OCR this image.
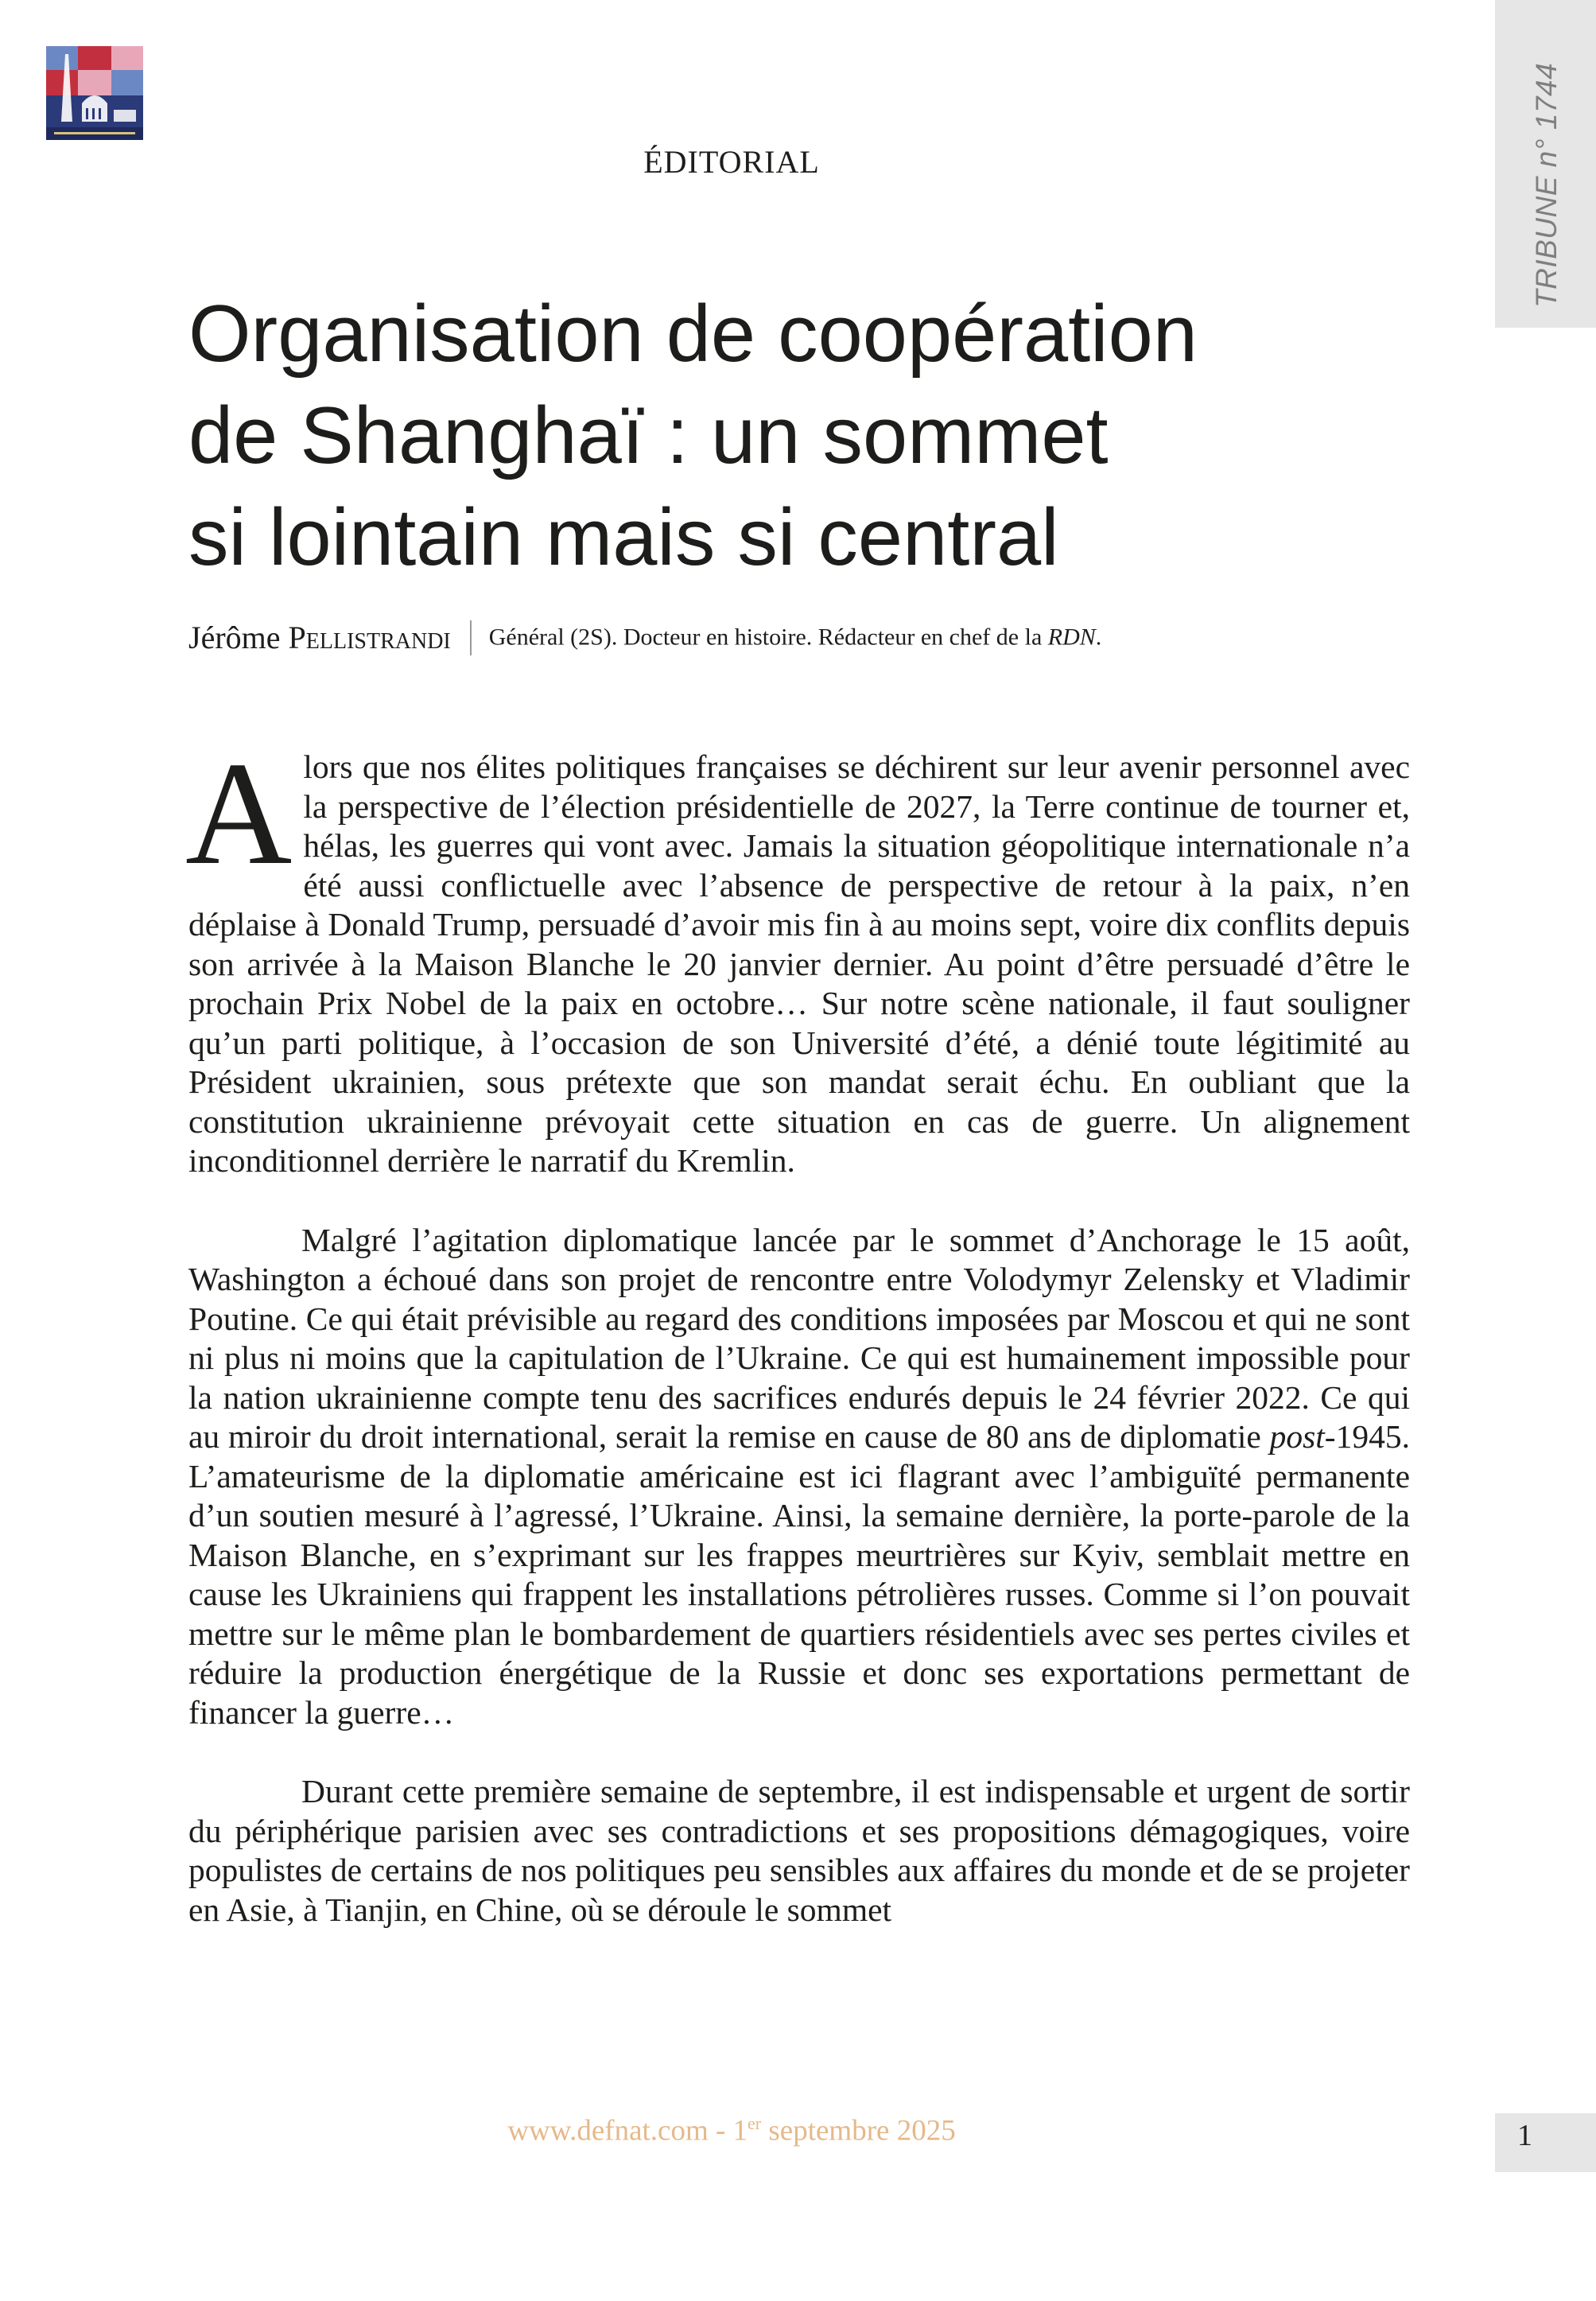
TRIBUNE n° 1744
ÉDITORIAL
Organisation de coopération
de Shanghaï : un sommet
si lointain mais si central
Jérôme Pellistrandi Général (2S). Docteur en histoire. Rédacteur en chef de la RDN.

Alors que nos élites politiques françaises se déchirent sur leur avenir personnel avec la perspective de l’élection présidentielle de 2027, la Terre continue de tourner et, hélas, les guerres qui vont avec. Jamais la situation géopolitique internationale n’a été aussi conflictuelle avec l’absence de perspective de retour à la paix, n’en déplaise à Donald Trump, persuadé d’avoir mis fin à au moins sept, voire dix conflits depuis son arrivée à la Maison Blanche le 20 janvier dernier. Au point d’être persuadé d’être le prochain Prix Nobel de la paix en octobre… Sur notre scène nationale, il faut souligner qu’un parti politique, à l’occasion de son Université d’été, a dénié toute légitimité au Président ukrainien, sous prétexte que son mandat serait échu. En oubliant que la constitution ukrainienne prévoyait cette situation en cas de guerre. Un alignement inconditionnel derrière le narratif du Kremlin.

Malgré l’agitation diplomatique lancée par le sommet d’Anchorage le 15 août, Washington a échoué dans son projet de rencontre entre Volodymyr Zelensky et Vladimir Poutine. Ce qui était prévisible au regard des conditions imposées par Moscou et qui ne sont ni plus ni moins que la capitulation de l’Ukraine. Ce qui est humainement impossible pour la nation ukrainienne compte tenu des sacrifices endurés depuis le 24 février 2022. Ce qui au miroir du droit international, serait la remise en cause de 80 ans de diplomatie post-1945. L’amateurisme de la diplomatie américaine est ici flagrant avec l’ambiguïté permanente d’un soutien mesuré à l’agressé, l’Ukraine. Ainsi, la semaine dernière, la porte-parole de la Maison Blanche, en s’exprimant sur les frappes meurtrières sur Kyiv, semblait mettre en cause les Ukrainiens qui frappent les installations pétrolières russes. Comme si l’on pouvait mettre sur le même plan le bombardement de quartiers résidentiels avec ses pertes civiles et réduire la production énergétique de la Russie et donc ses exportations permettant de financer la guerre…

Durant cette première semaine de septembre, il est indispensable et urgent de sortir du périphérique parisien avec ses contradictions et ses propositions démagogiques, voire populistes de certains de nos politiques peu sensibles aux affaires du monde et de se projeter en Asie, à Tianjin, en Chine, où se déroule le sommet

www.defnat.com - 1er septembre 2025	1
